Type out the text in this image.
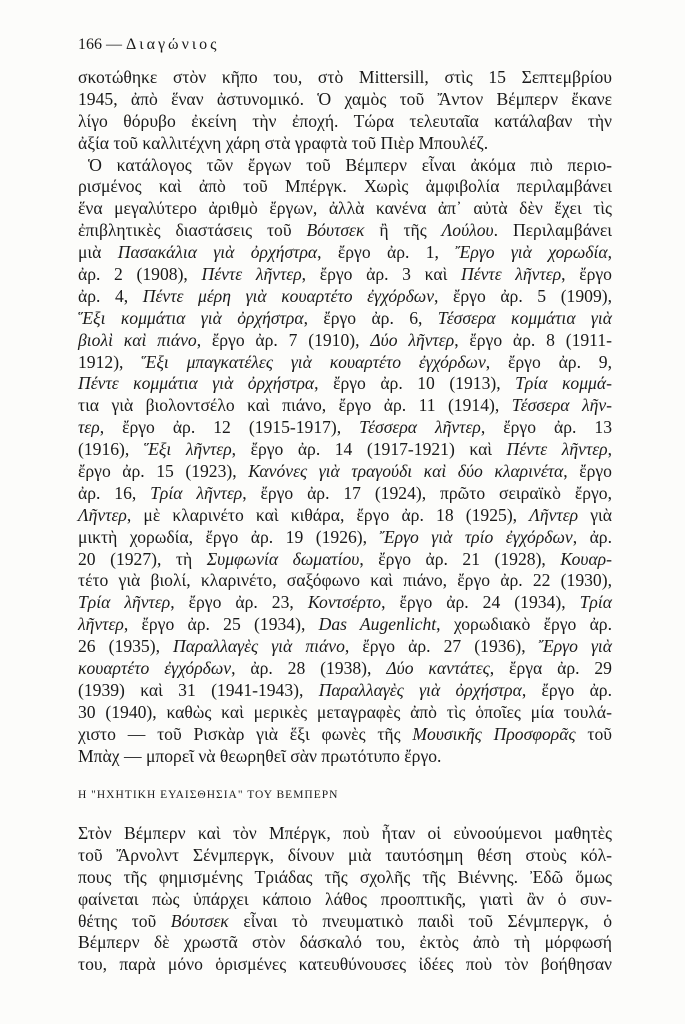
166 — Διαγώνιος
σκοτώθηκε στὸν κῆπο του, στὸ Mittersill, στὶς 15 Σεπτεμβρίου
1945, ἀπὸ ἕναν ἀστυνομικό. Ὁ χαμὸς τοῦ Ἄντον Βέμπερν ἔκανε
λίγο θόρυβο ἐκείνη τὴν ἐποχή. Τώρα τελευταῖα κατάλαβαν τὴν
ἀξία τοῦ καλλιτέχνη χάρη στὰ γραφτὰ τοῦ Πιὲρ Μπουλέζ.
Ὁ κατάλογος τῶν ἔργων τοῦ Βέμπερν εἶναι ἀκόμα πιὸ περιο-
ρισμένος καὶ ἀπὸ τοῦ Μπέργκ. Χωρὶς ἀμφιβολία περιλαμβάνει
ἕνα μεγαλύτερο ἀριθμὸ ἔργων, ἀλλὰ κανένα ἀπ᾽ αὐτὰ δὲν ἔχει τὶς
ἐπιβλητικὲς διαστάσεις τοῦ Βόυτσεκ ἢ τῆς Λούλου. Περιλαμβάνει
μιὰ Πασακάλια γιὰ ὀρχήστρα, ἔργο ἀρ. 1, Ἔργο γιὰ χορωδία,
ἀρ. 2 (1908), Πέντε λῆντερ, ἔργο ἀρ. 3 καὶ Πέντε λῆντερ, ἔργο
ἀρ. 4, Πέντε μέρη γιὰ κουαρτέτο ἐγχόρδων, ἔργο ἀρ. 5 (1909),
Ἕξι κομμάτια γιὰ ὀρχήστρα, ἔργο ἀρ. 6, Τέσσερα κομμάτια γιὰ
βιολὶ καὶ πιάνο, ἔργο ἀρ. 7 (1910), Δύο λῆντερ, ἔργο ἀρ. 8 (1911-
1912), Ἕξι μπαγκατέλες γιὰ κουαρτέτο ἐγχόρδων, ἔργο ἀρ. 9,
Πέντε κομμάτια γιὰ ὀρχήστρα, ἔργο ἀρ. 10 (1913), Τρία κομμά-
τια γιὰ βιολοντσέλο καὶ πιάνο, ἔργο ἀρ. 11 (1914), Τέσσερα λῆν-
τερ, ἔργο ἀρ. 12 (1915-1917), Τέσσερα λῆντερ, ἔργο ἀρ. 13
(1916), Ἕξι λῆντερ, ἔργο ἀρ. 14 (1917-1921) καὶ Πέντε λῆντερ,
ἔργο ἀρ. 15 (1923), Κανόνες γιὰ τραγούδι καὶ δύο κλαρινέτα, ἔργο
ἀρ. 16, Τρία λῆντερ, ἔργο ἀρ. 17 (1924), πρῶτο σειραϊκὸ ἔργο,
Λῆντερ, μὲ κλαρινέτο καὶ κιθάρα, ἔργο ἀρ. 18 (1925), Λῆντερ γιὰ
μικτὴ χορωδία, ἔργο ἀρ. 19 (1926), Ἔργο γιὰ τρίο ἐγχόρδων, ἀρ.
20 (1927), τὴ Συμφωνία δωματίου, ἔργο ἀρ. 21 (1928), Κουαρ-
τέτο γιὰ βιολί, κλαρινέτο, σαξόφωνο καὶ πιάνο, ἔργο ἀρ. 22 (1930),
Τρία λῆντερ, ἔργο ἀρ. 23, Κοντσέρτο, ἔργο ἀρ. 24 (1934), Τρία
λῆντερ, ἔργο ἀρ. 25 (1934), Das Augenlicht, χορωδιακὸ ἔργο ἀρ.
26 (1935), Παραλλαγὲς γιὰ πιάνο, ἔργο ἀρ. 27 (1936), Ἔργο γιὰ
κουαρτέτο ἐγχόρδων, ἀρ. 28 (1938), Δύο καντάτες, ἔργα ἀρ. 29
(1939) καὶ 31 (1941-1943), Παραλλαγὲς γιὰ ὀρχήστρα, ἔργο ἀρ.
30 (1940), καθὼς καὶ μερικὲς μεταγραφὲς ἀπὸ τὶς ὁποῖες μία τουλά-
χιστο — τοῦ Ρισκὰρ γιὰ ἕξι φωνὲς τῆς Μουσικῆς Προσφορᾶς τοῦ
Μπὰχ — μπορεῖ νὰ θεωρηθεῖ σὰν πρωτότυπο ἔργο.
Η "ΗΧΗΤΙΚΗ ΕΥΑΙΣΘΗΣΙΑ" ΤΟΥ ΒΕΜΠΕΡΝ
Στὸν Βέμπερν καὶ τὸν Μπέργκ, ποὺ ἦταν οἱ εὐνοούμενοι μαθητὲς
τοῦ Ἄρνολντ Σένμπεργκ, δίνουν μιὰ ταυτόσημη θέση στοὺς κόλ-
πους τῆς φημισμένης Τριάδας τῆς σχολῆς τῆς Βιέννης. Ἐδῶ ὅμως
φαίνεται πὼς ὑπάρχει κάποιο λάθος προοπτικῆς, γιατὶ ἂν ὁ συν-
θέτης τοῦ Βόυτσεκ εἶναι τὸ πνευματικὸ παιδὶ τοῦ Σένμπεργκ, ὁ
Βέμπερν δὲ χρωστᾶ στὸν δάσκαλό του, ἐκτὸς ἀπὸ τὴ μόρφωσή
του, παρὰ μόνο ὁρισμένες κατευθύνουσες ἰδέες ποὺ τὸν βοήθησαν
